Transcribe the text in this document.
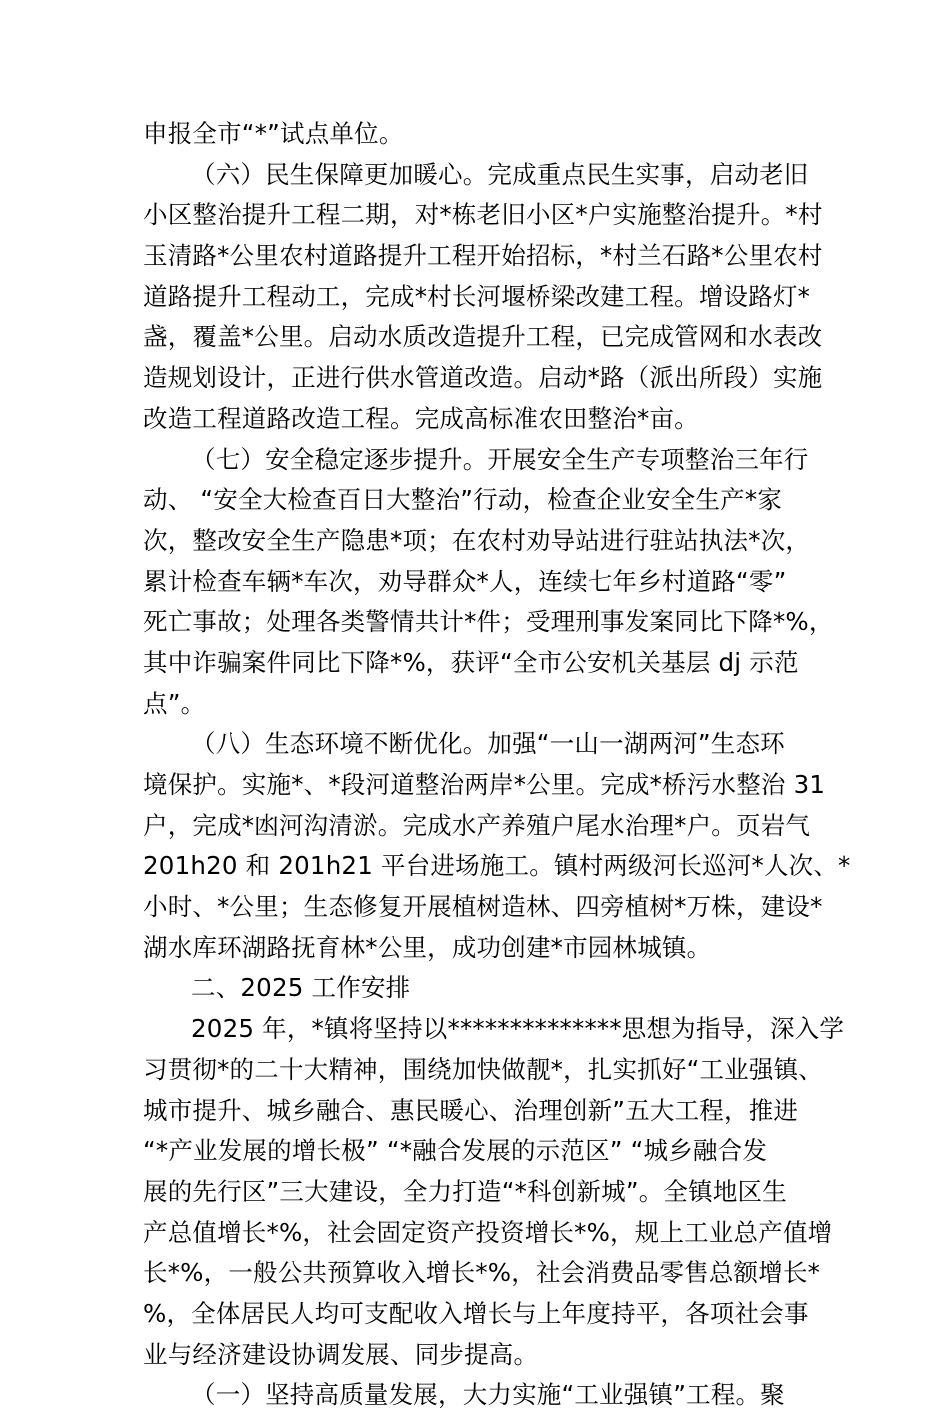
申报全市“*”试点单位。
（六）民生保障更加暖心。完成重点民生实事，启动老旧
小区整治提升工程二期，对*栋老旧小区*户实施整治提升。*村
玉清路*公里农村道路提升工程开始招标，*村兰石路*公里农村
道路提升工程动工，完成*村长河堰桥梁改建工程。增设路灯*
盏，覆盖*公里。启动水质改造提升工程，已完成管网和水表改
造规划设计，正进行供水管道改造。启动*路（派出所段）实施
改造工程道路改造工程。完成高标准农田整治*亩。
（七）安全稳定逐步提升。开展安全生产专项整治三年行
动、 “安全大检查百日大整治”行动，检查企业安全生产*家
次，整改安全生产隐患*项；在农村劝导站进行驻站执法*次，
累计检查车辆*车次，劝导群众*人，连续七年乡村道路“零”
死亡事故；处理各类警情共计*件；受理刑事发案同比下降*%，
其中诈骗案件同比下降*%，获评“全市公安机关基层 dj 示范
点”。
（八）生态环境不断优化。加强“一山一湖两河”生态环
境保护。实施*、*段河道整治两岸*公里。完成*桥污水整治 31
户，完成*凼河沟清淤。完成水产养殖户尾水治理*户。页岩气
201h20 和 201h21 平台进场施工。镇村两级河长巡河*人次、*
小时、*公里；生态修复开展植树造林、四旁植树*万株，建设*
湖水库环湖路抚育林*公里，成功创建*市园林城镇。
二、2025 工作安排
2025 年，*镇将坚持以**************思想为指导，深入学
习贯彻*的二十大精神，围绕加快做靓*，扎实抓好“工业强镇、
城市提升、城乡融合、惠民暖心、治理创新”五大工程，推进
“*产业发展的增长极” “*融合发展的示范区” “城乡融合发
展的先行区”三大建设，全力打造“*科创新城”。全镇地区生
产总值增长*%，社会固定资产投资增长*%，规上工业总产值增
长*%，一般公共预算收入增长*%，社会消费品零售总额增长*
%，全体居民人均可支配收入增长与上年度持平，各项社会事
业与经济建设协调发展、同步提高。
（一）坚持高质量发展，大力实施“工业强镇”工程。聚
